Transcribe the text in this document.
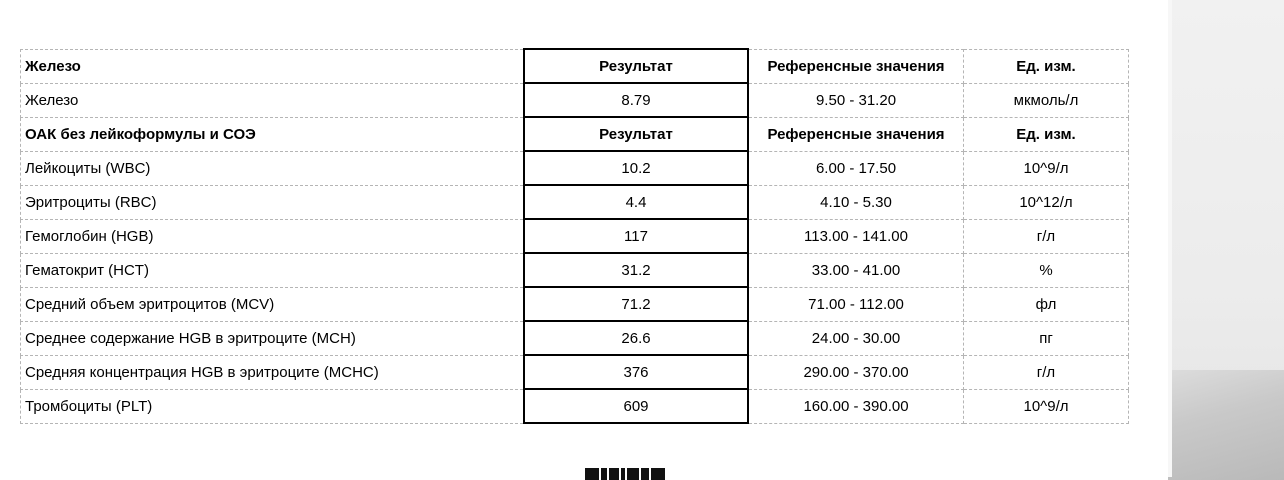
Железо	Результат	Референсные значения	Ед. изм.
Железо	8.79	9.50 - 31.20	мкмоль/л
ОАК без лейкоформулы и СОЭ	Результат	Референсные значения	Ед. изм.
Лейкоциты (WBC)	10.2	6.00 - 17.50	10^9/л
Эритроциты (RBC)	4.4	4.10 - 5.30	10^12/л
Гемоглобин (HGB)	117	113.00 - 141.00	г/л
Гематокрит (HCT)	31.2	33.00 - 41.00	%
Средний объем эритроцитов (MCV)	71.2	71.00 - 112.00	фл
Среднее содержание HGB в эритроците (MCH)	26.6	24.00 - 30.00	пг
Средняя концентрация HGB в эритроците (MCHC)	376	290.00 - 370.00	г/л
Тромбоциты (PLT)	609	160.00 - 390.00	10^9/л
